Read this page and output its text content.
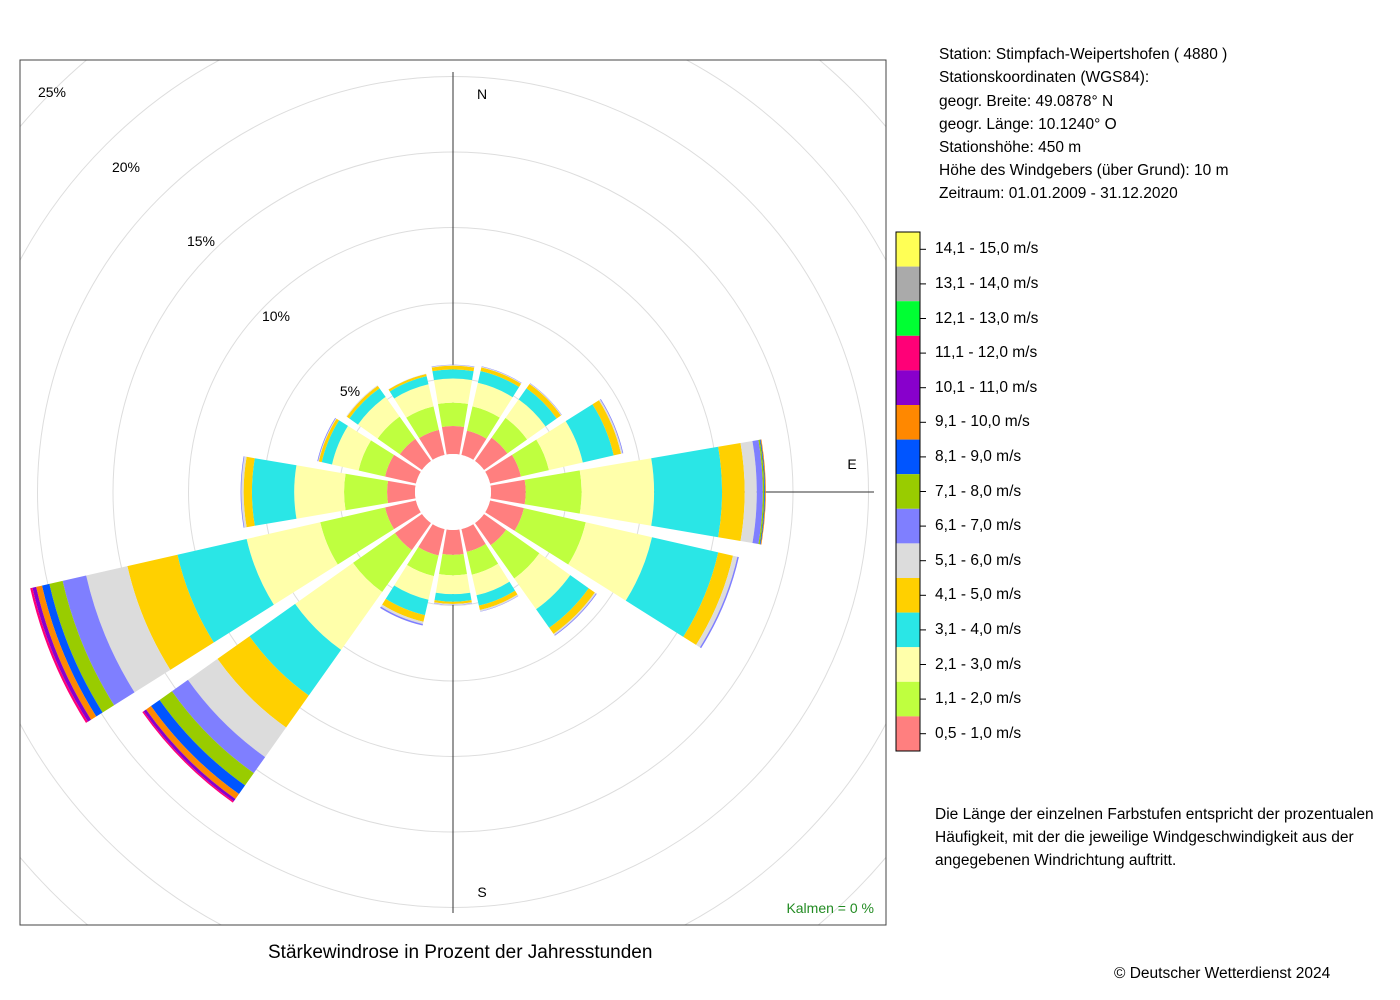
5%
10%
15%
20%
25%	N
E
S
Kalmen = 0 %
Station: Stimpfach-Weipertshofen ( 4880 )
Stationskoordinaten (WGS84):
geogr. Breite: 49.0878° N
geogr. Länge: 10.1240° O
Stationshöhe: 450 m
Höhe des Windgebers (über Grund): 10 m
Zeitraum: 01.01.2009 - 31.12.2020
14,1 - 15,0 m/s
13,1 - 14,0 m/s
12,1 - 13,0 m/s
11,1 - 12,0 m/s
10,1 - 11,0 m/s
9,1 - 10,0 m/s
8,1 - 9,0 m/s
7,1 - 8,0 m/s
6,1 - 7,0 m/s
5,1 - 6,0 m/s
4,1 - 5,0 m/s
3,1 - 4,0 m/s
2,1 - 3,0 m/s
1,1 - 2,0 m/s
0,5 - 1,0 m/s
Die Länge der einzelnen Farbstufen entspricht der prozentualen
Häufigkeit, mit der die jeweilige Windgeschwindigkeit aus der
angegebenen Windrichtung auftritt.
Stärkewindrose in Prozent der Jahresstunden
© Deutscher Wetterdienst 2024
